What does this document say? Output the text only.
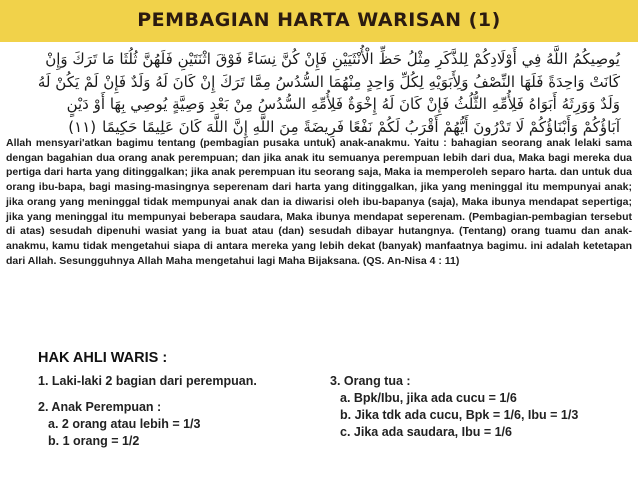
PEMBAGIAN HARTA WARISAN (1)
يُوصِيكُمُ اللَّهُ فِي أَوْلَادِكُمْ لِلذَّكَرِ مِثْلُ حَظِّ الْأُنْثَيَيْنِ فَإِنْ كُنَّ نِسَاءً فَوْقَ اثْنَتَيْنِ فَلَهُنَّ ثُلُثَا مَا تَرَكَ وَإِنْ
كَانَتْ وَاحِدَةً فَلَهَا النِّصْفُ وَلِأَبَوَيْهِ لِكُلِّ وَاحِدٍ مِنْهُمَا السُّدُسُ مِمَّا تَرَكَ إِنْ كَانَ لَهُ وَلَدٌ فَإِنْ لَمْ يَكُنْ لَهُ
وَلَدٌ وَوَرِثَهُ أَبَوَاهُ فَلِأُمِّهِ الثُّلُثُ فَإِنْ كَانَ لَهُ إِخْوَةٌ فَلِأُمِّهِ السُّدُسُ مِنْ بَعْدِ وَصِيَّةٍ يُوصِي بِهَا أَوْ دَيْنٍ
آبَاؤُكُمْ وَأَبْنَاؤُكُمْ لَا تَدْرُونَ أَيُّهُمْ أَقْرَبُ لَكُمْ نَفْعًا فَرِيضَةً مِنَ اللَّهِ إِنَّ اللَّهَ كَانَ عَلِيمًا حَكِيمًا(١١)
Allah mensyari'atkan bagimu tentang (pembagian pusaka untuk) anak-anakmu. Yaitu : bahagian seorang anak lelaki sama dengan bagahian dua orang anak perempuan; dan jika anak itu semuanya perempuan lebih dari dua, Maka bagi mereka dua pertiga dari harta yang ditinggalkan; jika anak perempuan itu seorang saja, Maka ia memperoleh separo harta. dan untuk dua orang ibu-bapa, bagi masing-masingnya seperenam dari harta yang ditinggalkan, jika yang meninggal itu mempunyai anak; jika orang yang meninggal tidak mempunyai anak dan ia diwarisi oleh ibu-bapanya (saja), Maka ibunya mendapat sepertiga; jika yang meninggal itu mempunyai beberapa saudara, Maka ibunya mendapat seperenam. (Pembagian-pembagian tersebut di atas) sesudah dipenuhi wasiat yang ia buat atau (dan) sesudah dibayar hutangnya. (Tentang) orang tuamu dan anak-anakmu, kamu tidak mengetahui siapa di antara mereka yang lebih dekat (banyak) manfaatnya bagimu. ini adalah ketetapan dari Allah. Sesungguhnya Allah Maha mengetahui lagi Maha Bijaksana. (QS. An-Nisa 4 : 11)
HAK AHLI WARIS :
1. Laki-laki 2 bagian dari perempuan.
2. Anak Perempuan :
a. 2 orang atau lebih = 1/3
b. 1 orang = 1/2
3. Orang tua :
a. Bpk/Ibu, jika ada cucu = 1/6
b. Jika tdk ada cucu, Bpk = 1/6, Ibu = 1/3
c. Jika ada saudara, Ibu = 1/6
